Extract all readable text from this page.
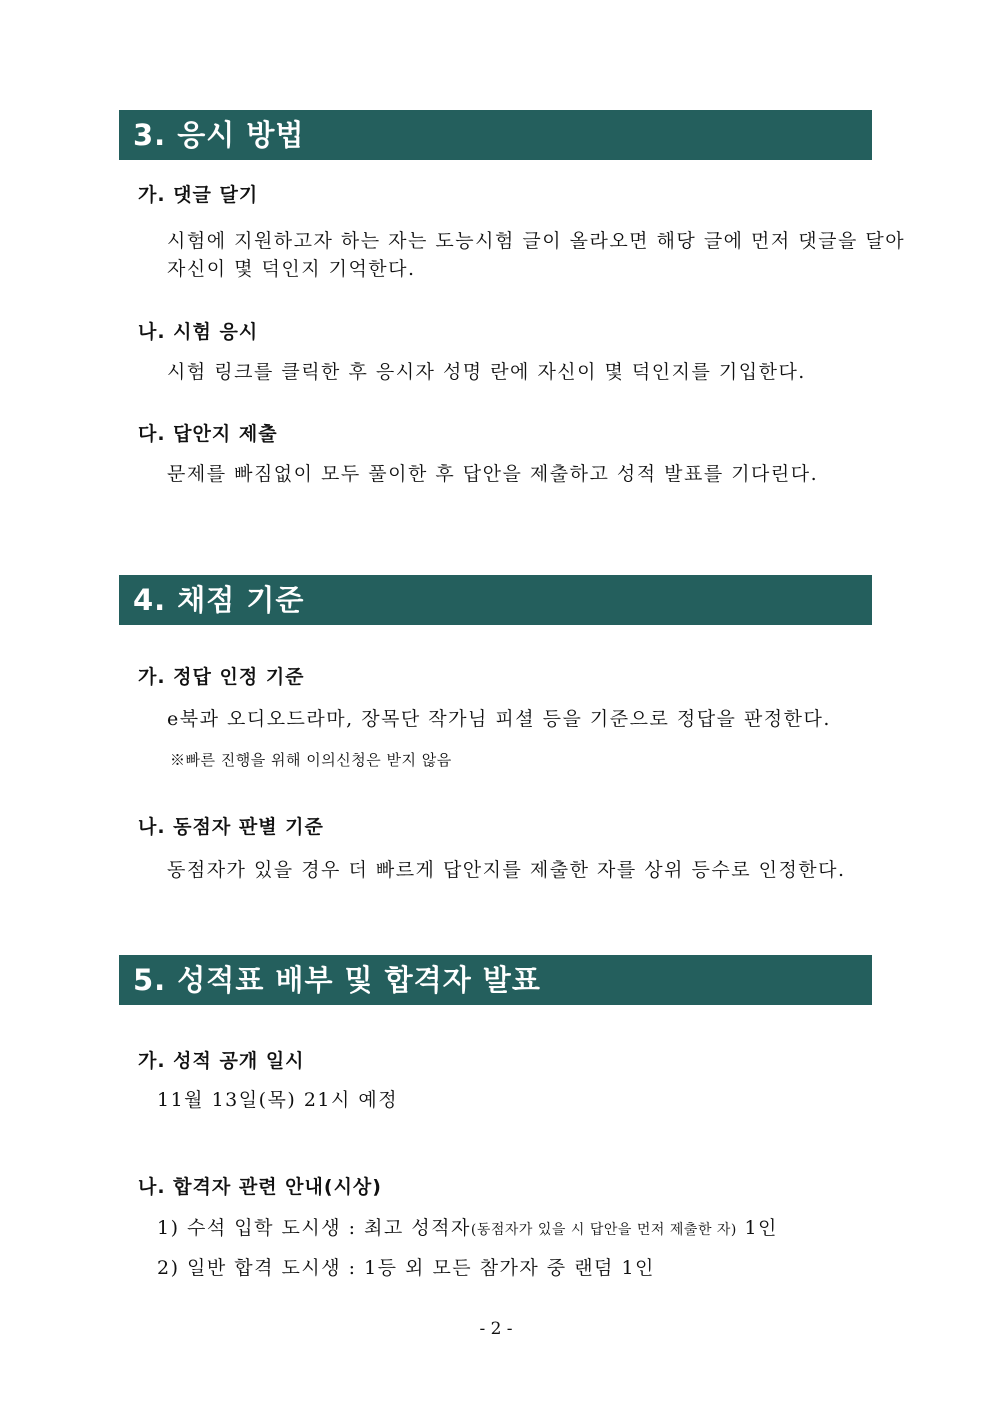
3. 응시 방법
가. 댓글 달기
시험에 지원하고자 하는 자는 도능시험 글이 올라오면 해당 글에 먼저 댓글을 달아
자신이 몇 덕인지 기억한다.
나. 시험 응시
시험 링크를 클릭한 후 응시자 성명 란에 자신이 몇 덕인지를 기입한다.
다. 답안지 제출
문제를 빠짐없이 모두 풀이한 후 답안을 제출하고 성적 발표를 기다린다.
4. 채점 기준
가. 정답 인정 기준
e북과 오디오드라마, 장목단 작가님 피셜 등을 기준으로 정답을 판정한다.
※빠른 진행을 위해 이의신청은 받지 않음
나. 동점자 판별 기준
동점자가 있을 경우 더 빠르게 답안지를 제출한 자를 상위 등수로 인정한다.
5. 성적표 배부 및 합격자 발표
가. 성적 공개 일시
11월 13일(목) 21시 예정
나. 합격자 관련 안내(시상)
1) 수석 입학 도시생 : 최고 성적자(동점자가 있을 시 답안을 먼저 제출한 자) 1인
2) 일반 합격 도시생 : 1등 외 모든 참가자 중 랜덤 1인
- 2 -
